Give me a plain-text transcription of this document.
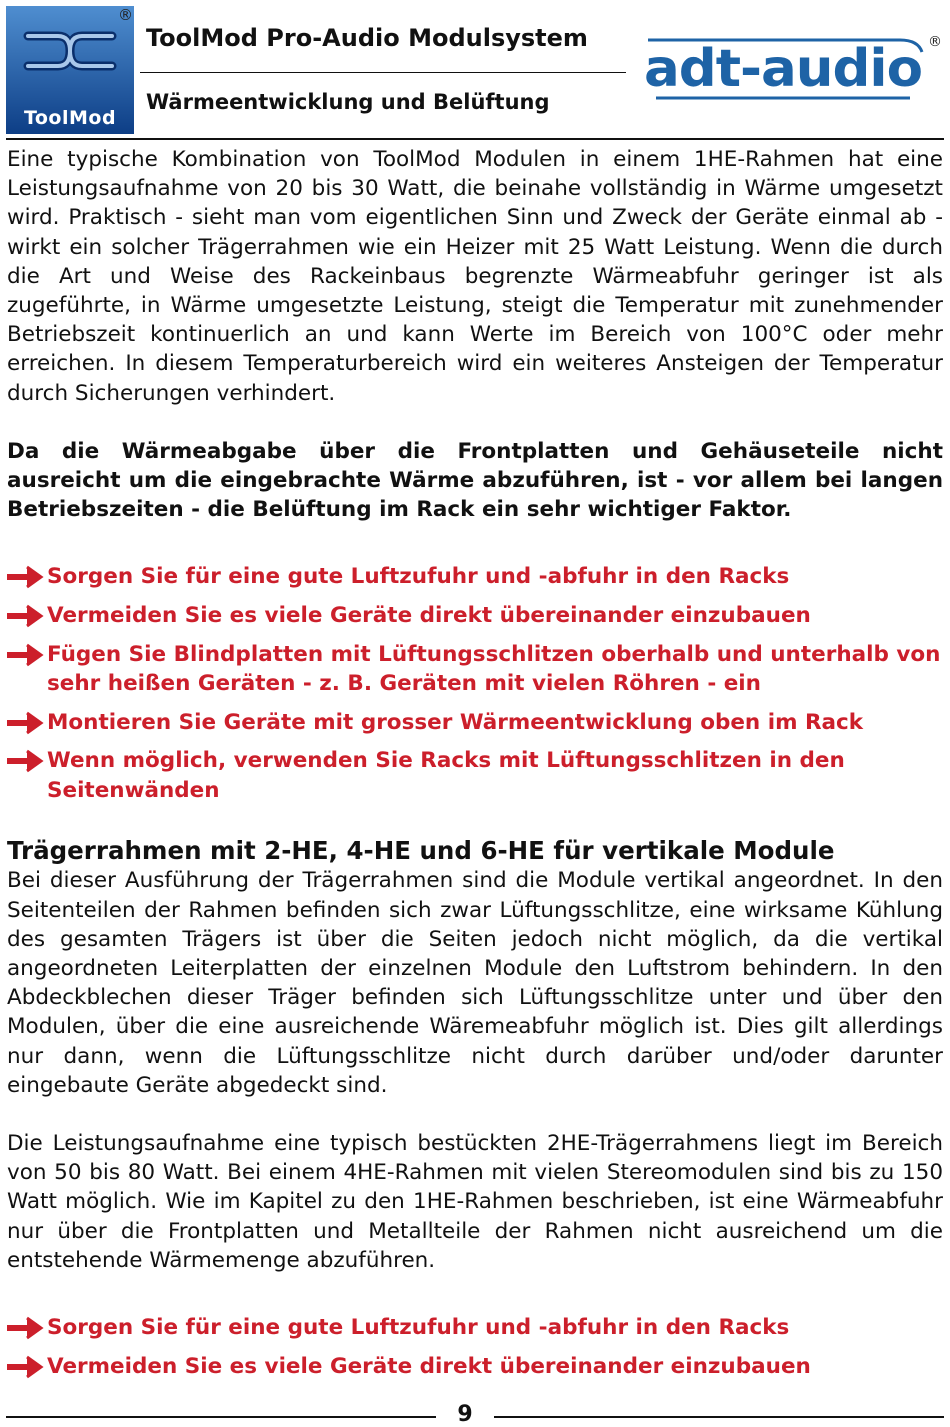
ToolMod
®
ToolMod Pro-Audio Modulsystem
Wärmeentwicklung und Belüftung
adt-audio ®

Eine typische Kombination von ToolMod Modulen in einem 1HE-Rahmen hat eine Leistungsaufnahme von 20 bis 30 Watt, die beinahe vollständig in Wärme umgesetzt wird. Praktisch - sieht man vom eigentlichen Sinn und Zweck der Geräte einmal ab - wirkt ein solcher Trägerrahmen wie ein Heizer mit 25 Watt Leistung. Wenn die durch die Art und Weise des Rackeinbaus begrenzte Wärmeabfuhr geringer ist als zugeführte, in Wärme umgesetzte Leistung, steigt die Temperatur mit zunehmender Betriebszeit kontinuerlich an und kann Werte im Bereich von 100°C oder mehr erreichen. In diesem Temperaturbereich wird ein weiteres Ansteigen der Temperatur durch Sicherungen verhindert.

Da die Wärmeabgabe über die Frontplatten und Gehäuseteile nicht ausreicht um die eingebrachte Wärme abzuführen, ist - vor allem bei langen Betriebszeiten - die Belüftung im Rack ein sehr wichtiger Faktor.

Sorgen Sie für eine gute Luftzufuhr und -abfuhr in den Racks
Vermeiden Sie es viele Geräte direkt übereinander einzubauen
Fügen Sie Blindplatten mit Lüftungsschlitzen oberhalb und unterhalb von sehr heißen Geräten - z. B. Geräten mit vielen Röhren - ein
Montieren Sie Geräte mit grosser Wärmeentwicklung oben im Rack
Wenn möglich, verwenden Sie Racks mit Lüftungsschlitzen in den Seitenwänden
Trägerrahmen mit 2-HE, 4-HE und 6-HE für vertikale Module

Bei dieser Ausführung der Trägerrahmen sind die Module vertikal angeordnet. In den Seitenteilen der Rahmen befinden sich zwar Lüftungsschlitze, eine wirksame Kühlung des gesamten Trägers ist über die Seiten jedoch nicht möglich, da die vertikal angeordneten Leiterplatten der einzelnen Module den Luftstrom behindern. In den Abdeckblechen dieser Träger befinden sich Lüftungsschlitze unter und über den Modulen, über die eine ausreichende Wäremeabfuhr möglich ist. Dies gilt allerdings nur dann, wenn die Lüftungsschlitze nicht durch darüber und/oder darunter eingebaute Geräte abgedeckt sind.

Die Leistungsaufnahme eine typisch bestückten 2HE-Trägerrahmens liegt im Bereich von 50 bis 80 Watt. Bei einem 4HE-Rahmen mit vielen Stereomodulen sind bis zu 150 Watt möglich. Wie im Kapitel zu den 1HE-Rahmen beschrieben, ist eine Wärmeabfuhr nur über die Frontplatten und Metallteile der Rahmen nicht ausreichend um die entstehende Wärmemenge abzuführen.

Sorgen Sie für eine gute Luftzufuhr und -abfuhr in den Racks
Vermeiden Sie es viele Geräte direkt übereinander einzubauen
9
